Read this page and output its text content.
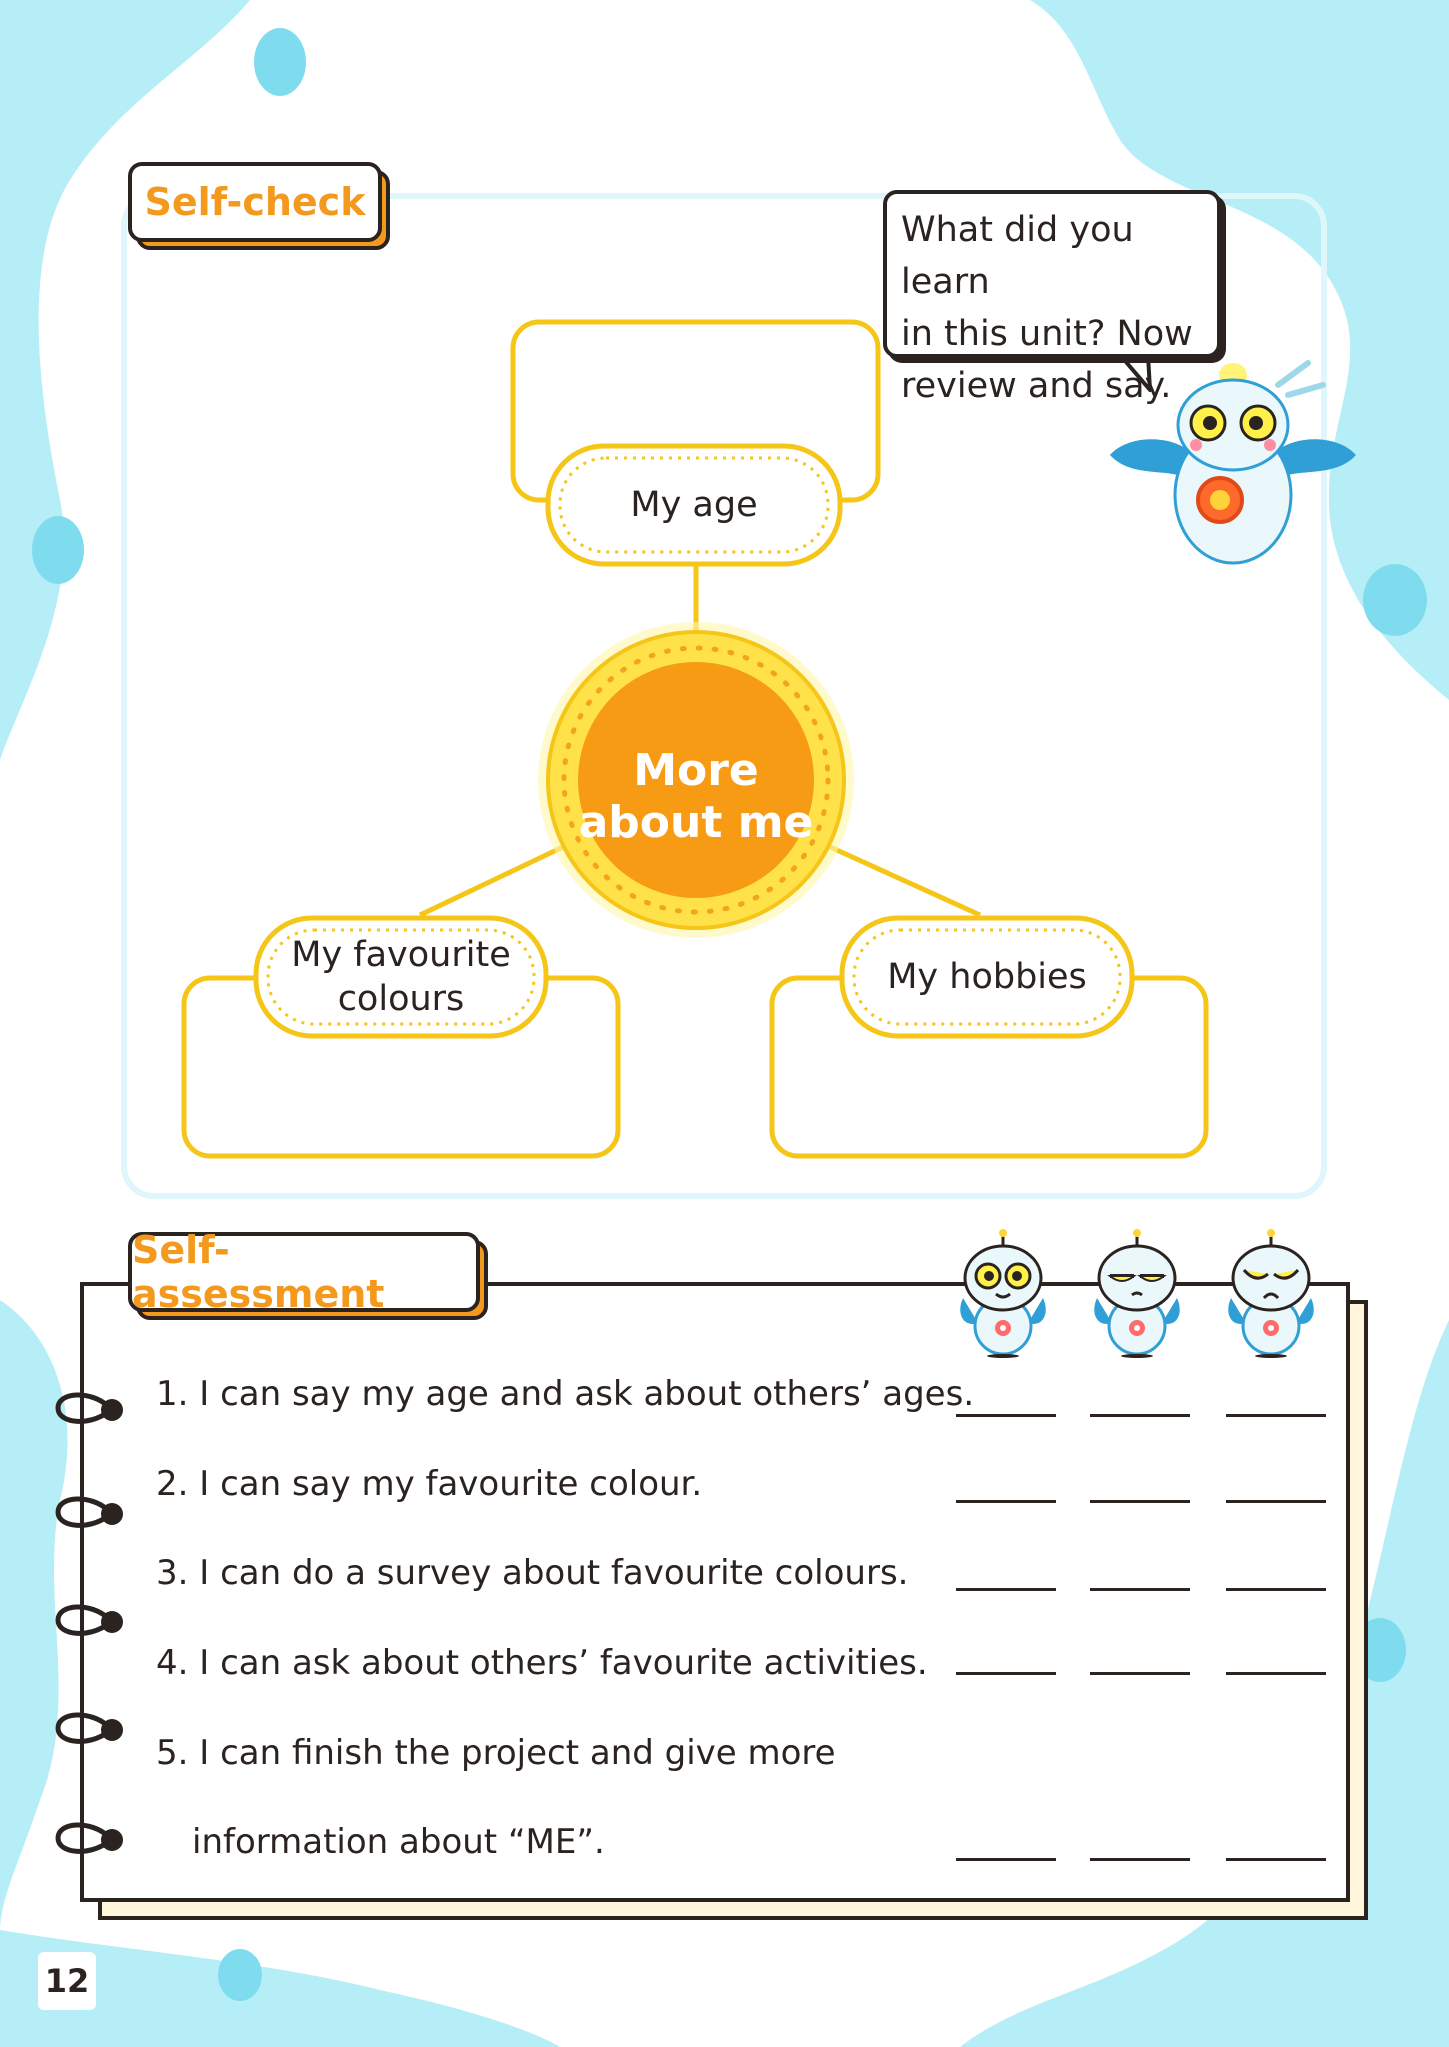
Self-check
What did you learn
in this unit? Now
review and say.
My age
My favourite
colours
My hobbies
More
about me
Self-assessment
1. I can say my age and ask about others’ ages.
2. I can say my favourite colour.
3. I can do a survey about favourite colours.
4. I can ask about others’ favourite activities.
5. I can finish the project and give more
information about “ME”.
12
